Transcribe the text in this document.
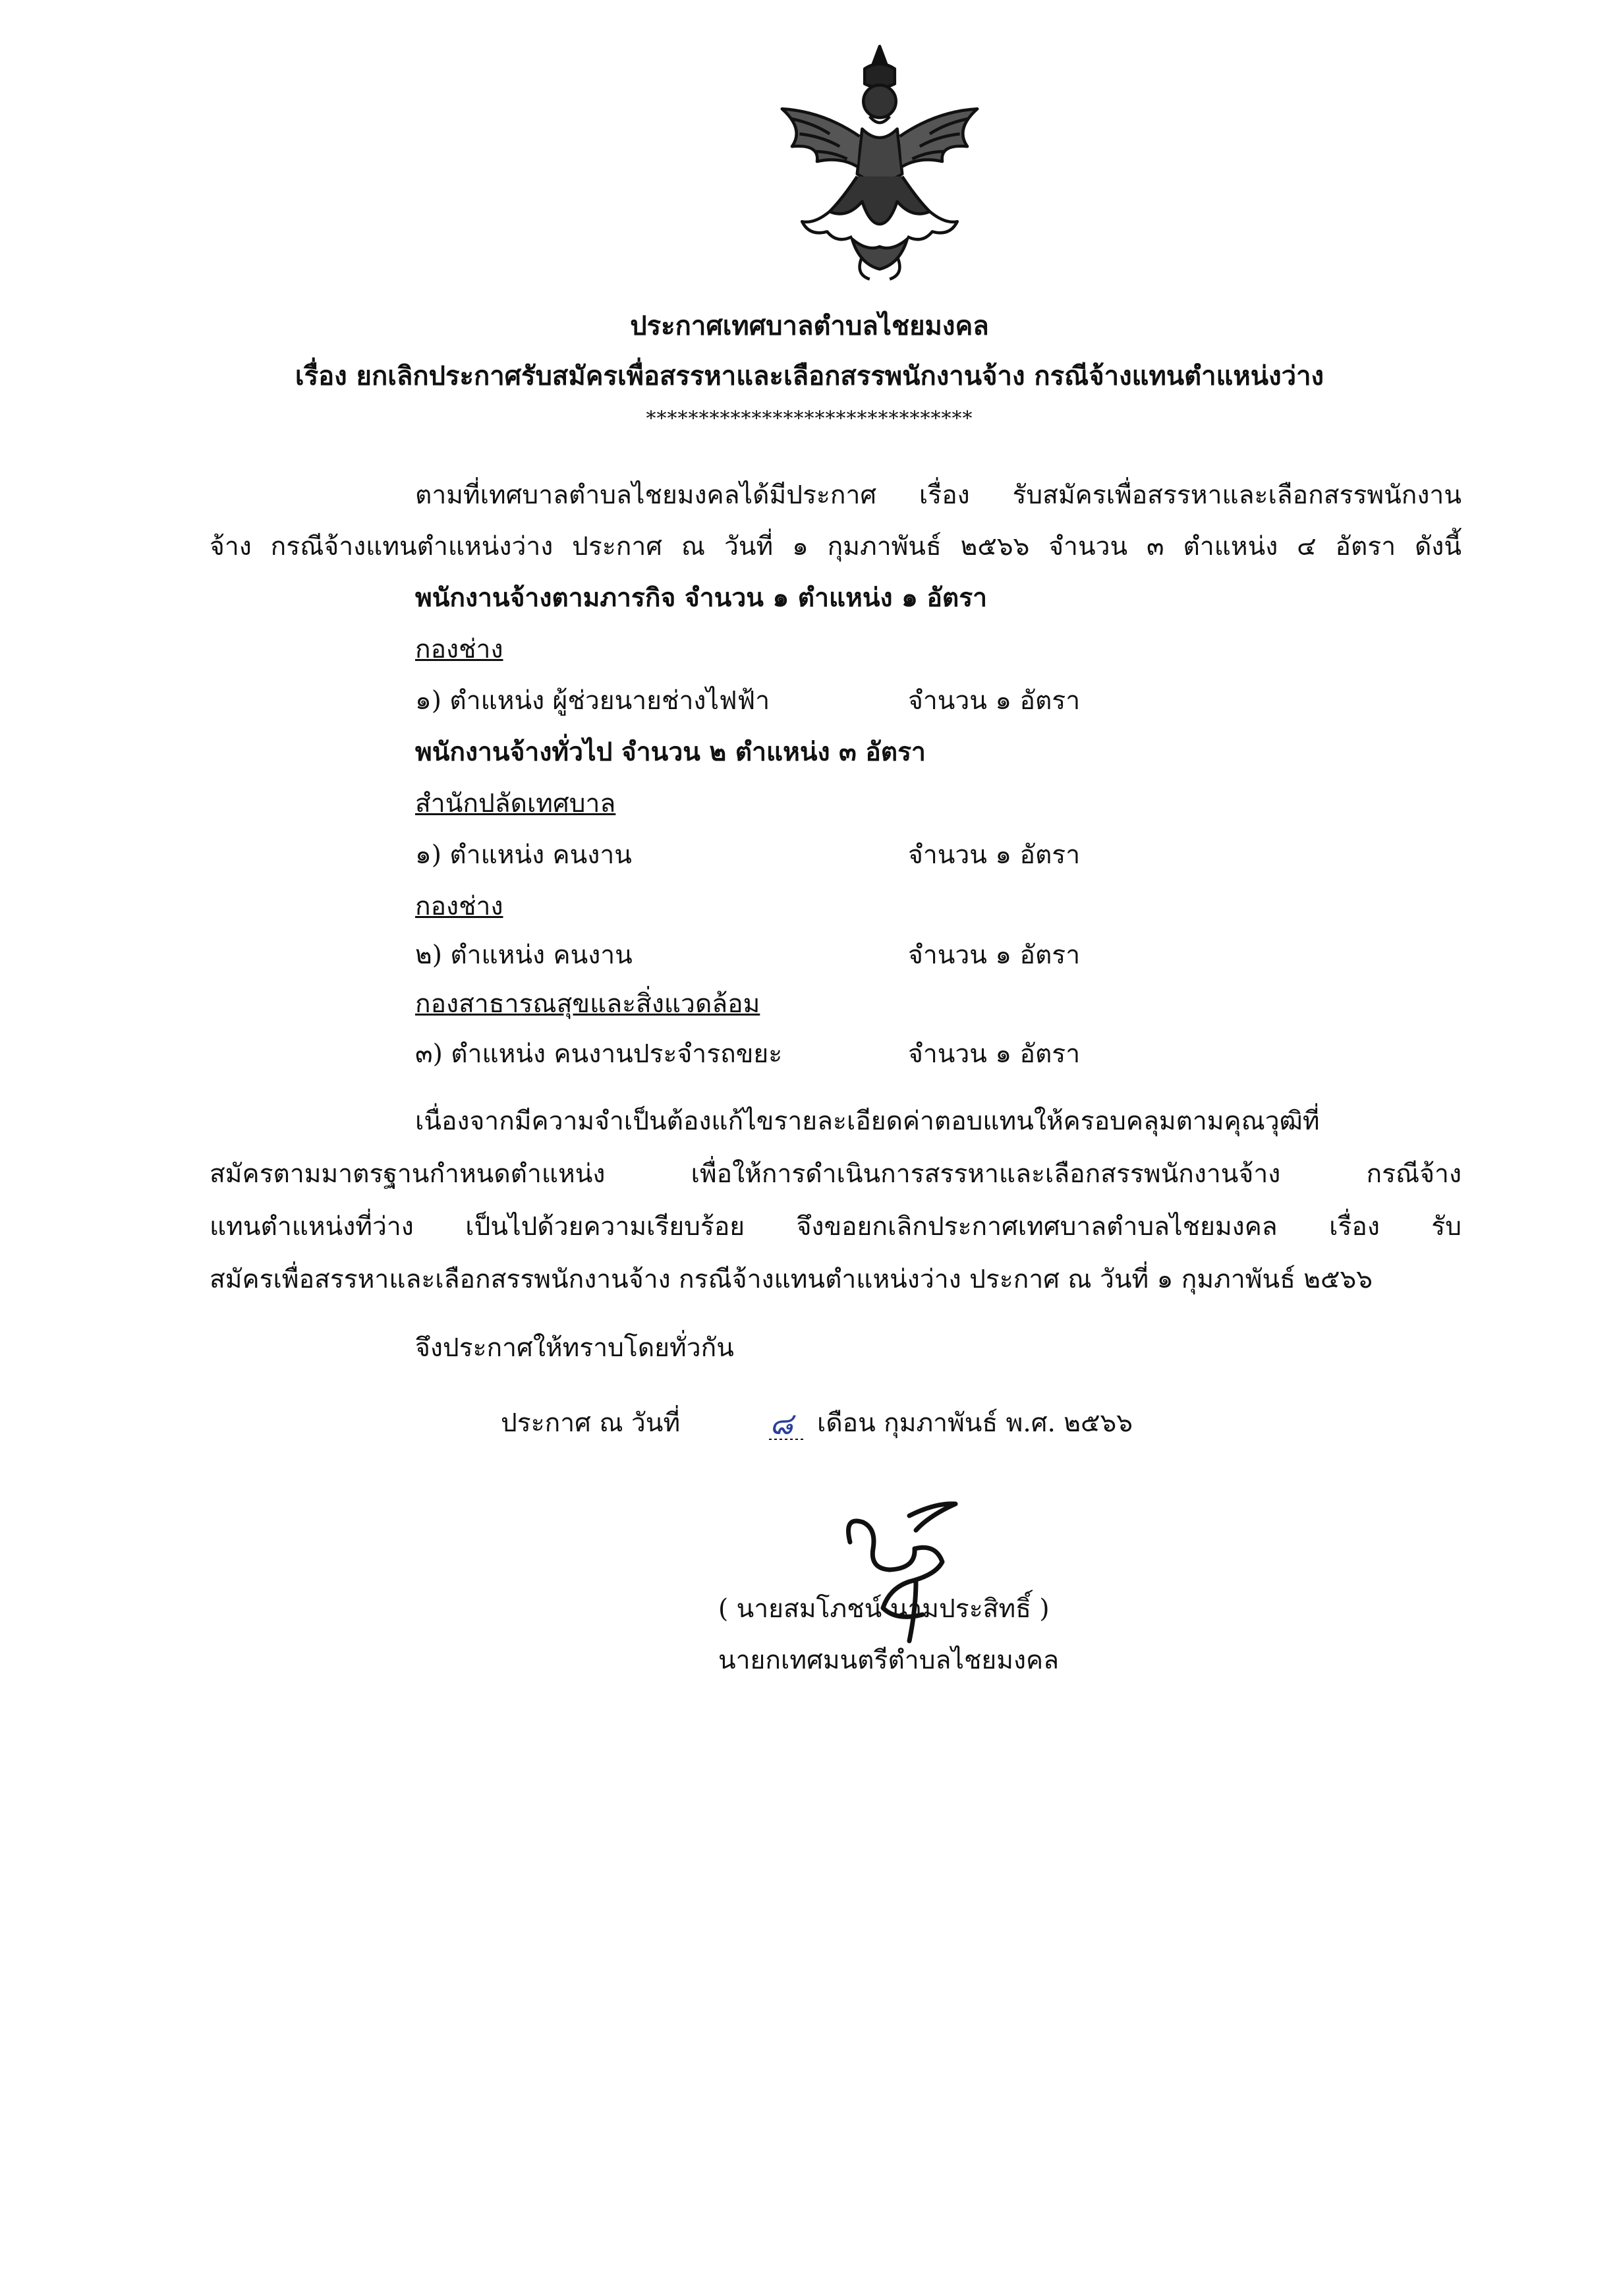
ประกาศเทศบาลตำบลไชยมงคล
เรื่อง ยกเลิกประกาศรับสมัครเพื่อสรรหาและเลือกสรรพนักงานจ้าง กรณีจ้างแทนตำแหน่งว่าง
*******************************
ตามที่เทศบาลตำบลไชยมงคลได้มีประกาศ เรื่อง รับสมัครเพื่อสรรหาและเลือกสรรพนักงาน
จ้าง กรณีจ้างแทนตำแหน่งว่าง ประกาศ ณ วันที่ ๑ กุมภาพันธ์ ๒๕๖๖ จำนวน ๓ ตำแหน่ง ๔ อัตรา ดังนี้
พนักงานจ้างตามภารกิจ จำนวน ๑ ตำแหน่ง ๑ อัตรา
กองช่าง
๑) ตำแหน่ง ผู้ช่วยนายช่างไฟฟ้า	จำนวน ๑ อัตรา
พนักงานจ้างทั่วไป จำนวน ๒ ตำแหน่ง ๓ อัตรา
สำนักปลัดเทศบาล
๑) ตำแหน่ง คนงาน	จำนวน ๑ อัตรา
กองช่าง
๒) ตำแหน่ง คนงาน	จำนวน ๑ อัตรา
กองสาธารณสุขและสิ่งแวดล้อม
๓) ตำแหน่ง คนงานประจำรถขยะ	จำนวน ๑ อัตรา
เนื่องจากมีความจำเป็นต้องแก้ไขรายละเอียดค่าตอบแทนให้ครอบคลุมตามคุณวุฒิที่
สมัครตามมาตรฐานกำหนดตำแหน่ง เพื่อให้การดำเนินการสรรหาและเลือกสรรพนักงานจ้าง กรณีจ้าง
แทนตำแหน่งที่ว่าง เป็นไปด้วยความเรียบร้อย จึงขอยกเลิกประกาศเทศบาลตำบลไชยมงคล เรื่อง รับ
สมัครเพื่อสรรหาและเลือกสรรพนักงานจ้าง กรณีจ้างแทนตำแหน่งว่าง ประกาศ ณ วันที่ ๑ กุมภาพันธ์ ๒๕๖๖
จึงประกาศให้ทราบโดยทั่วกัน
ประกาศ ณ วันที่	๘ เดือน กุมภาพันธ์ พ.ศ. ๒๕๖๖
( นายสมโภชน์ นามประสิทธิ์ )
นายกเทศมนตรีตำบลไชยมงคล
